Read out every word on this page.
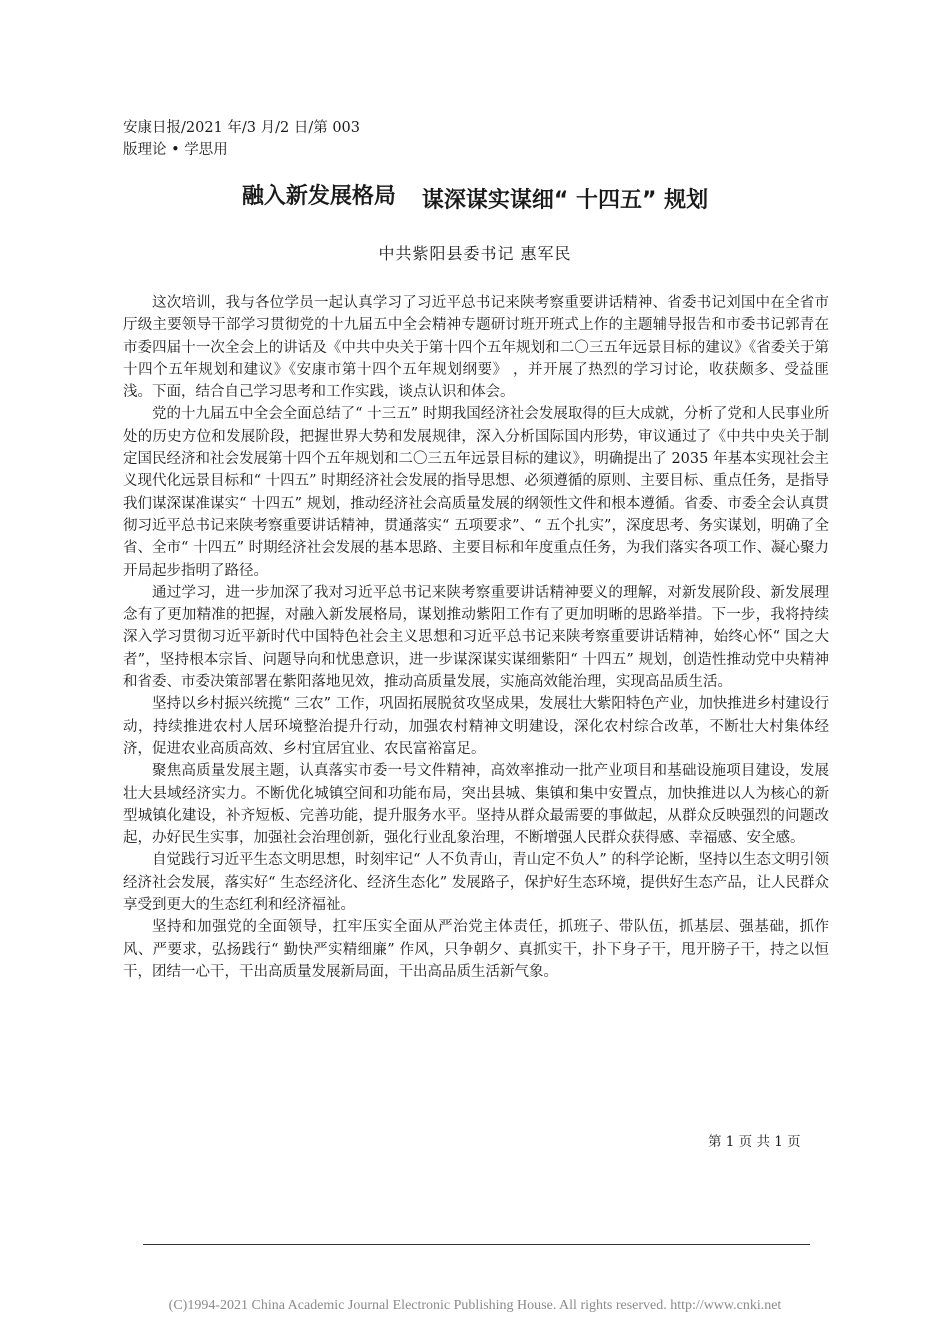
安康日报/2021 年/3 月/2 日/第 003
版理论 • 学思用
融入新发展格局 谋深谋实谋细“ 十四五” 规划
中共紫阳县委书记 惠军民

这次培训，我与各位学员一起认真学习了习近平总书记来陕考察重要讲话精神、省委书记刘国中在全省市厅级主要领导干部学习贯彻党的十九届五中全会精神专题研讨班开班式上作的主题辅导报告和市委书记郭青在市委四届十一次全会上的讲话及《中共中央关于第十四个五年规划和二〇三五年远景目标的建议》《省委关于第十四个五年规划和建议》《安康市第十四个五年规划纲要》 ，并开展了热烈的学习讨论，收获颇多、受益匪浅。下面，结合自己学习思考和工作实践，谈点认识和体会。

党的十九届五中全会全面总结了“ 十三五” 时期我国经济社会发展取得的巨大成就，分析了党和人民事业所处的历史方位和发展阶段，把握世界大势和发展规律，深入分析国际国内形势，审议通过了《中共中央关于制定国民经济和社会发展第十四个五年规划和二〇三五年远景目标的建议》，明确提出了 2035 年基本实现社会主义现代化远景目标和“ 十四五” 时期经济社会发展的指导思想、必须遵循的原则、主要目标、重点任务，是指导我们谋深谋准谋实“ 十四五” 规划，推动经济社会高质量发展的纲领性文件和根本遵循。省委、市委全会认真贯彻习近平总书记来陕考察重要讲话精神，贯通落实“ 五项要求”、“ 五个扎实”，深度思考、务实谋划，明确了全省、全市“ 十四五” 时期经济社会发展的基本思路、主要目标和年度重点任务，为我们落实各项工作、凝心聚力开局起步指明了路径。

通过学习，进一步加深了我对习近平总书记来陕考察重要讲话精神要义的理解，对新发展阶段、新发展理念有了更加精准的把握，对融入新发展格局，谋划推动紫阳工作有了更加明晰的思路举措。下一步，我将持续深入学习贯彻习近平新时代中国特色社会主义思想和习近平总书记来陕考察重要讲话精神，始终心怀“ 国之大者”，坚持根本宗旨、问题导向和忧患意识，进一步谋深谋实谋细紫阳“ 十四五” 规划，创造性推动党中央精神和省委、市委决策部署在紫阳落地见效，推动高质量发展，实施高效能治理，实现高品质生活。

坚持以乡村振兴统揽“ 三农” 工作，巩固拓展脱贫攻坚成果，发展壮大紫阳特色产业，加快推进乡村建设行动，持续推进农村人居环境整治提升行动，加强农村精神文明建设，深化农村综合改革，不断壮大村集体经济，促进农业高质高效、乡村宜居宜业、农民富裕富足。

聚焦高质量发展主题，认真落实市委一号文件精神，高效率推动一批产业项目和基础设施项目建设，发展壮大县域经济实力。不断优化城镇空间和功能布局，突出县城、集镇和集中安置点，加快推进以人为核心的新型城镇化建设，补齐短板、完善功能，提升服务水平。坚持从群众最需要的事做起，从群众反映强烈的问题改起，办好民生实事，加强社会治理创新，强化行业乱象治理，不断增强人民群众获得感、幸福感、安全感。

自觉践行习近平生态文明思想，时刻牢记“ 人不负青山，青山定不负人” 的科学论断，坚持以生态文明引领经济社会发展，落实好“ 生态经济化、经济生态化” 发展路子，保护好生态环境，提供好生态产品，让人民群众享受到更大的生态红利和经济福祉。

坚持和加强党的全面领导，扛牢压实全面从严治党主体责任，抓班子、带队伍，抓基层、强基础，抓作风、严要求，弘扬践行“ 勤快严实精细廉” 作风，只争朝夕、真抓实干，扑下身子干，甩开膀子干，持之以恒干，团结一心干，干出高质量发展新局面，干出高品质生活新气象。

第 1 页 共 1 页
(C)1994-2021 China Academic Journal Electronic Publishing House. All rights reserved. http://www.cnki.net
